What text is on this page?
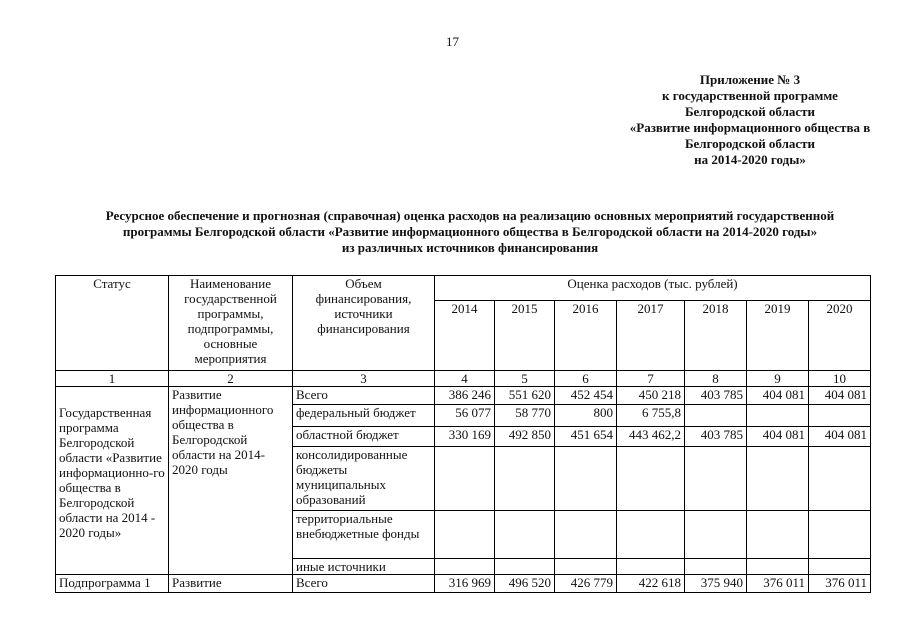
17
Приложение № 3
к государственной программе
Белгородской области
«Развитие информационного общества в
Белгородской области
на 2014-2020 годы»
Ресурсное обеспечение и прогнозная (справочная) оценка расходов на реализацию основных мероприятий государственной
программы Белгородской области «Развитие информационного общества в Белгородской области на 2014-2020 годы»
из различных источников финансирования
Статус	Наименование государственной программы, подпрограммы, основные мероприятия	Объем финансирования, источники финансирования	Оценка расходов (тыс. рублей)						
			2014	2015	2016	2017	2018	2019	2020
1	2	3	4	5	6	7	8	9	10
Государственная программа Белгородской области «Развитие информационно-го общества в Белгородской области на 2014 - 2020 годы»	Развитие информационного общества в Белгородской области на 2014-2020 годы	Всего	386 246	551 620	452 454	450 218	403 785	404 081	404 081
		федеральный бюджет	56 077	58 770	800	6 755,8			
		областной бюджет	330 169	492 850	451 654	443 462,2	403 785	404 081	404 081
		консолидированные бюджеты муниципальных образований							
		территориальные внебюджетные фонды							
		иные источники							
Подпрограмма 1	Развитие	Всего	316 969	496 520	426 779	422 618	375 940	376 011	376 011
